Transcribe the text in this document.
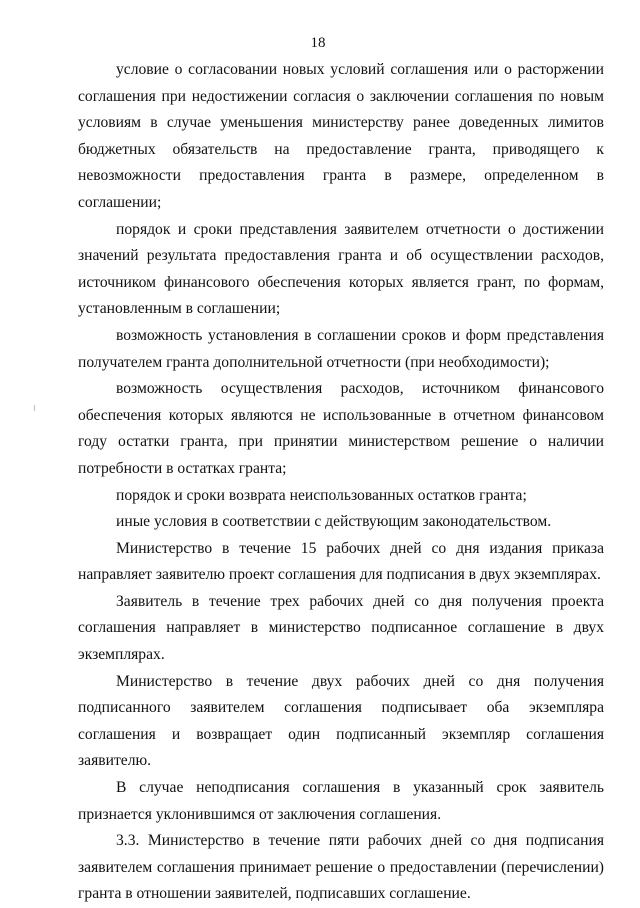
18

условие о согласовании новых условий соглашения или о расторжении соглашения при недостижении согласия о заключении соглашения по новым условиям в случае уменьшения министерству ранее доведенных лимитов бюджетных обязательств на предоставление гранта, приводящего к невозможности предоставления гранта в размере, определенном в соглашении;

порядок и сроки представления заявителем отчетности о достижении значений результата предоставления гранта и об осуществлении расходов, источником финансового обеспечения которых является грант, по формам, установленным в соглашении;

возможность установления в соглашении сроков и форм представления получателем гранта дополнительной отчетности (при необходимости);

возможность осуществления расходов, источником финансового обеспечения которых являются не использованные в отчетном финансовом году остатки гранта, при принятии министерством решение о наличии потребности в остатках гранта;

порядок и сроки возврата неиспользованных остатков гранта;

иные условия в соответствии с действующим законодательством.

Министерство в течение 15 рабочих дней со дня издания приказа направляет заявителю проект соглашения для подписания в двух экземплярах.

Заявитель в течение трех рабочих дней со дня получения проекта соглашения направляет в министерство подписанное соглашение в двух экземплярах.

Министерство в течение двух рабочих дней со дня получения подписанного заявителем соглашения подписывает оба экземпляра соглашения и возвращает один подписанный экземпляр соглашения заявителю.

В случае неподписания соглашения в указанный срок заявитель признается уклонившимся от заключения соглашения.

3.3. Министерство в течение пяти рабочих дней со дня подписания заявителем соглашения принимает решение о предоставлении (перечислении) гранта в отношении заявителей, подписавших соглашение.
